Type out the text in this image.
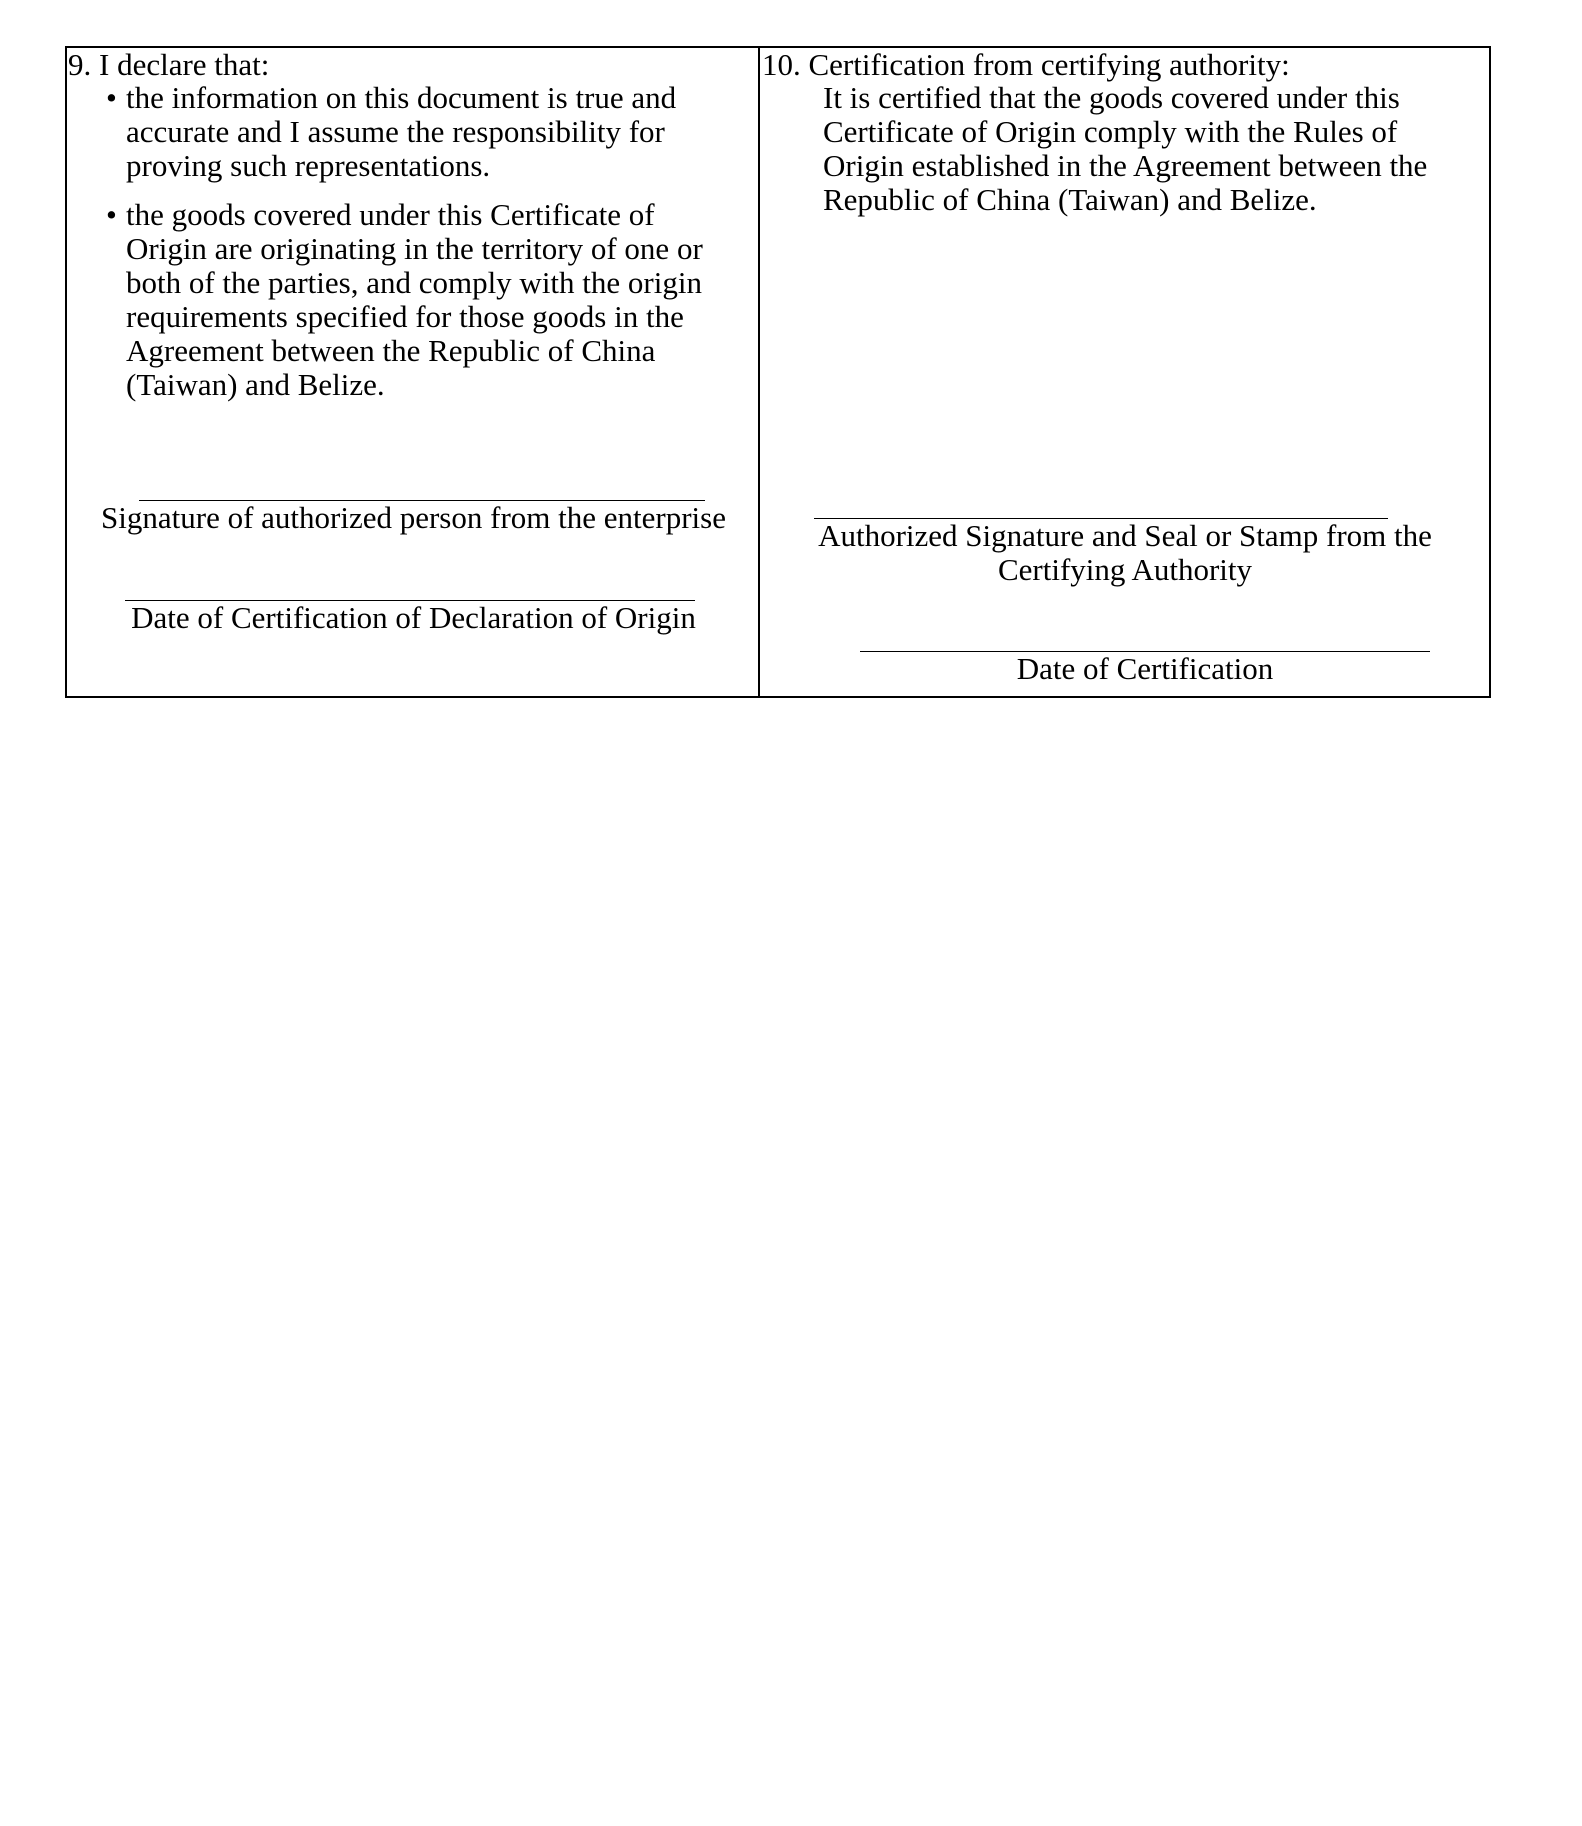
9. I declare that:
• the information on this document is true and
accurate and I assume the responsibility for
proving such representations.
• the goods covered under this Certificate of
Origin are originating in the territory of one or
both of the parties, and comply with the origin
requirements specified for those goods in the
Agreement between the Republic of China
(Taiwan) and Belize.
Signature of authorized person from the enterprise
Date of Certification of Declaration of Origin
10. Certification from certifying authority:
It is certified that the goods covered under this
Certificate of Origin comply with the Rules of
Origin established in the Agreement between the
Republic of China (Taiwan) and Belize.
Authorized Signature and Seal or Stamp from the
Certifying Authority
Date of Certification
